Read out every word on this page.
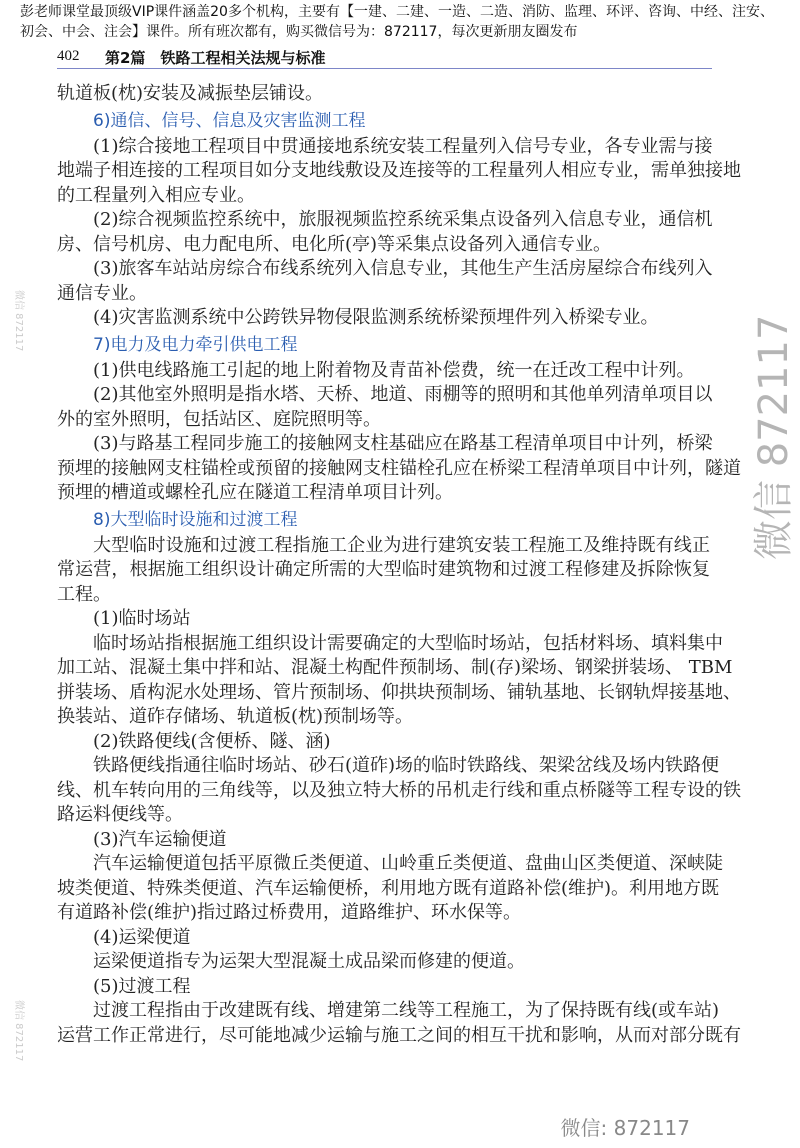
彭老师课堂最顶级VIP课件涵盖20多个机构，主要有【一建、二建、一造、二造、消防、监理、环评、咨询、中经、注安、初会、中会、注会】课件。所有班次都有，购买微信号为：872117，每次更新朋友圈发布
402 第2篇　铁路工程相关法规与标准
轨道板(枕)安装及减振垫层铺设。
6)通信、信号、信息及灾害监测工程
(1)综合接地工程项目中贯通接地系统安装工程量列入信号专业，各专业需与接
地端子相连接的工程项目如分支地线敷设及连接等的工程量列人相应专业，需单独接地
的工程量列入相应专业。
(2)综合视频监控系统中，旅服视频监控系统采集点设备列入信息专业，通信机
房、信号机房、电力配电所、电化所(亭)等采集点设备列入通信专业。
(3)旅客车站站房综合布线系统列入信息专业，其他生产生活房屋综合布线列入
通信专业。
(4)灾害监测系统中公跨铁异物侵限监测系统桥梁预埋件列入桥梁专业。
7)电力及电力牵引供电工程
(1)供电线路施工引起的地上附着物及青苗补偿费，统一在迁改工程中计列。
(2)其他室外照明是指水塔、天桥、地道、雨棚等的照明和其他单列清单项目以
外的室外照明，包括站区、庭院照明等。
(3)与路基工程同步施工的接触网支柱基础应在路基工程清单项目中计列，桥梁
预埋的接触网支柱锚栓或预留的接触网支柱锚栓孔应在桥梁工程清单项目中计列，隧道
预埋的槽道或螺栓孔应在隧道工程清单项目计列。
8)大型临时设施和过渡工程
大型临时设施和过渡工程指施工企业为进行建筑安装工程施工及维持既有线正
常运营，根据施工组织设计确定所需的大型临时建筑物和过渡工程修建及拆除恢复
工程。
(1)临时场站
临时场站指根据施工组织设计需要确定的大型临时场站，包括材料场、填料集中
加工站、混凝土集中拌和站、混凝土构配件预制场、制(存)梁场、钢梁拼装场、 TBM
拼装场、盾构泥水处理场、管片预制场、仰拱块预制场、铺轨基地、长钢轨焊接基地、
换装站、道砟存储场、轨道板(枕)预制场等。
(2)铁路便线(含便桥、隧、涵)
铁路便线指通往临时场站、砂石(道砟)场的临时铁路线、架梁岔线及场内铁路便
线、机车转向用的三角线等，以及独立特大桥的吊机走行线和重点桥隧等工程专设的铁
路运料便线等。
(3)汽车运输便道
汽车运输便道包括平原微丘类便道、山岭重丘类便道、盘曲山区类便道、深峡陡
坡类便道、特殊类便道、汽车运输便桥，利用地方既有道路补偿(维护)。利用地方既
有道路补偿(维护)指过路过桥费用，道路维护、环水保等。
(4)运梁便道
运梁便道指专为运架大型混凝土成品梁而修建的便道。
(5)过渡工程
过渡工程指由于改建既有线、增建第二线等工程施工，为了保持既有线(或车站)
运营工作正常进行，尽可能地减少运输与施工之间的相互干扰和影响，从而对部分既有
微信 872117
微信 872117
微信 872117
微信: 872117
